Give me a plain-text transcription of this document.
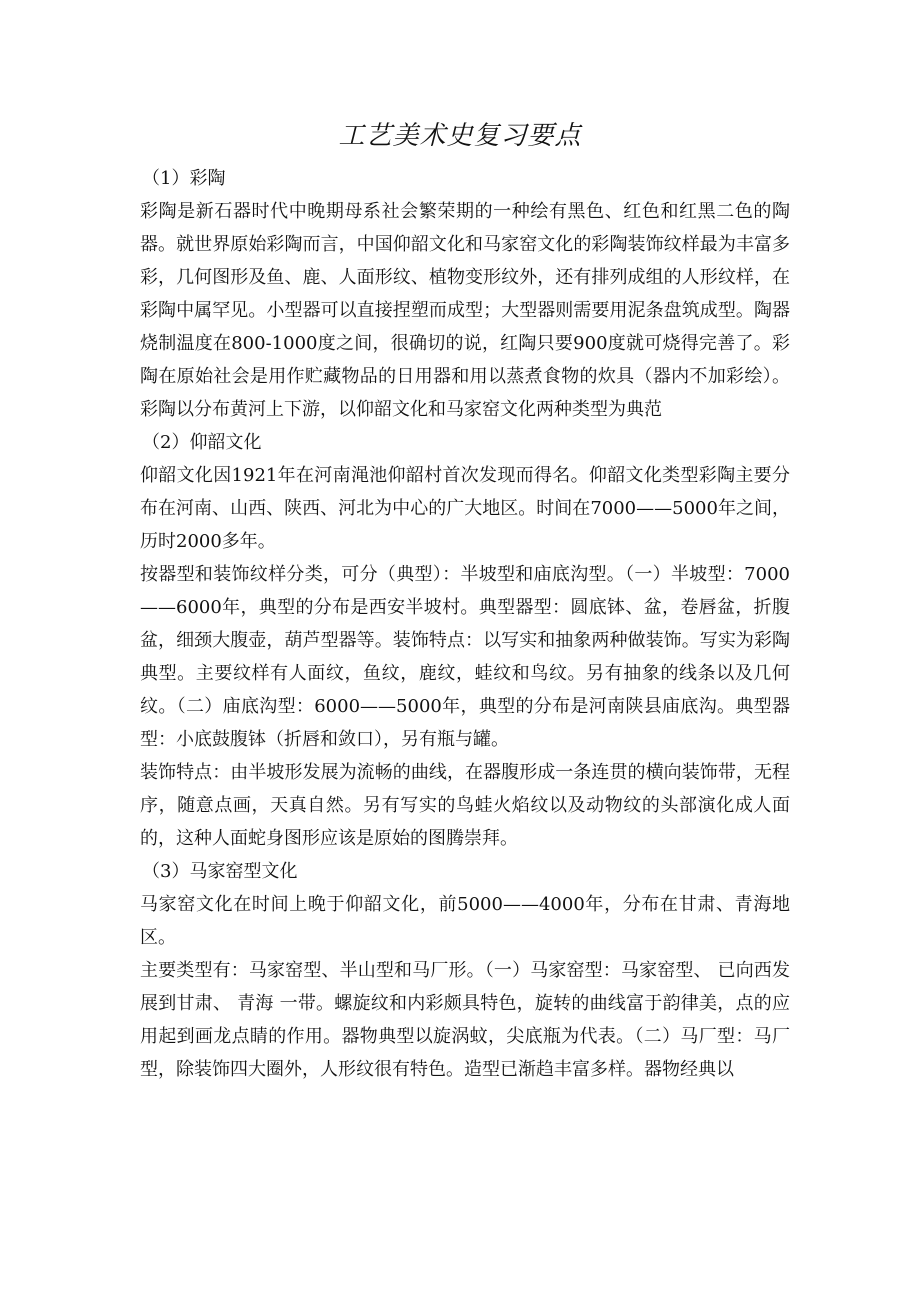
工艺美术史复习要点

（1）彩陶

彩陶是新石器时代中晚期母系社会繁荣期的一种绘有黑色、红色和红黑二色的陶器。就世界原始彩陶而言，中国仰韶文化和马家窑文化的彩陶装饰纹样最为丰富多彩，几何图形及鱼、鹿、人面形纹、植物变形纹外，还有排列成组的人形纹样，在彩陶中属罕见。小型器可以直接捏塑而成型；大型器则需要用泥条盘筑成型。陶器烧制温度在800-1000度之间，很确切的说，红陶只要900度就可烧得完善了。彩陶在原始社会是用作贮藏物品的日用器和用以蒸煮食物的炊具（器内不加彩绘）。彩陶以分布黄河上下游，以仰韶文化和马家窑文化两种类型为典范

（2）仰韶文化

仰韶文化因1921年在河南渑池仰韶村首次发现而得名。仰韶文化类型彩陶主要分布在河南、山西、陕西、河北为中心的广大地区。时间在7000——5000年之间，历时2000多年。

按器型和装饰纹样分类，可分（典型）：半坡型和庙底沟型。（一）半坡型：7000——6000年，典型的分布是西安半坡村。典型器型：圆底钵、盆，卷唇盆，折腹盆，细颈大腹壶，葫芦型器等。装饰特点：以写实和抽象两种做装饰。写实为彩陶典型。主要纹样有人面纹，鱼纹，鹿纹，蛙纹和鸟纹。另有抽象的线条以及几何纹。（二）庙底沟型：6000——5000年，典型的分布是河南陕县庙底沟。典型器型：小底鼓腹钵（折唇和敛口），另有瓶与罐。

装饰特点：由半坡形发展为流畅的曲线，在器腹形成一条连贯的横向装饰带，无程序，随意点画，天真自然。另有写实的鸟蛙火焰纹以及动物纹的头部演化成人面的，这种人面蛇身图形应该是原始的图腾崇拜。

（3）马家窑型文化

马家窑文化在时间上晚于仰韶文化，前5000——4000年，分布在甘肃、青海地区。

主要类型有：马家窑型、半山型和马厂形。（一）马家窑型：马家窑型、 已向西发展到甘肃、 青海 一带。螺旋纹和内彩颇具特色，旋转的曲线富于韵律美，点的应用起到画龙点睛的作用。器物典型以旋涡蚊，尖底瓶为代表。（二）马厂型：马厂型，除装饰四大圈外，人形纹很有特色。造型已渐趋丰富多样。器物经典以
